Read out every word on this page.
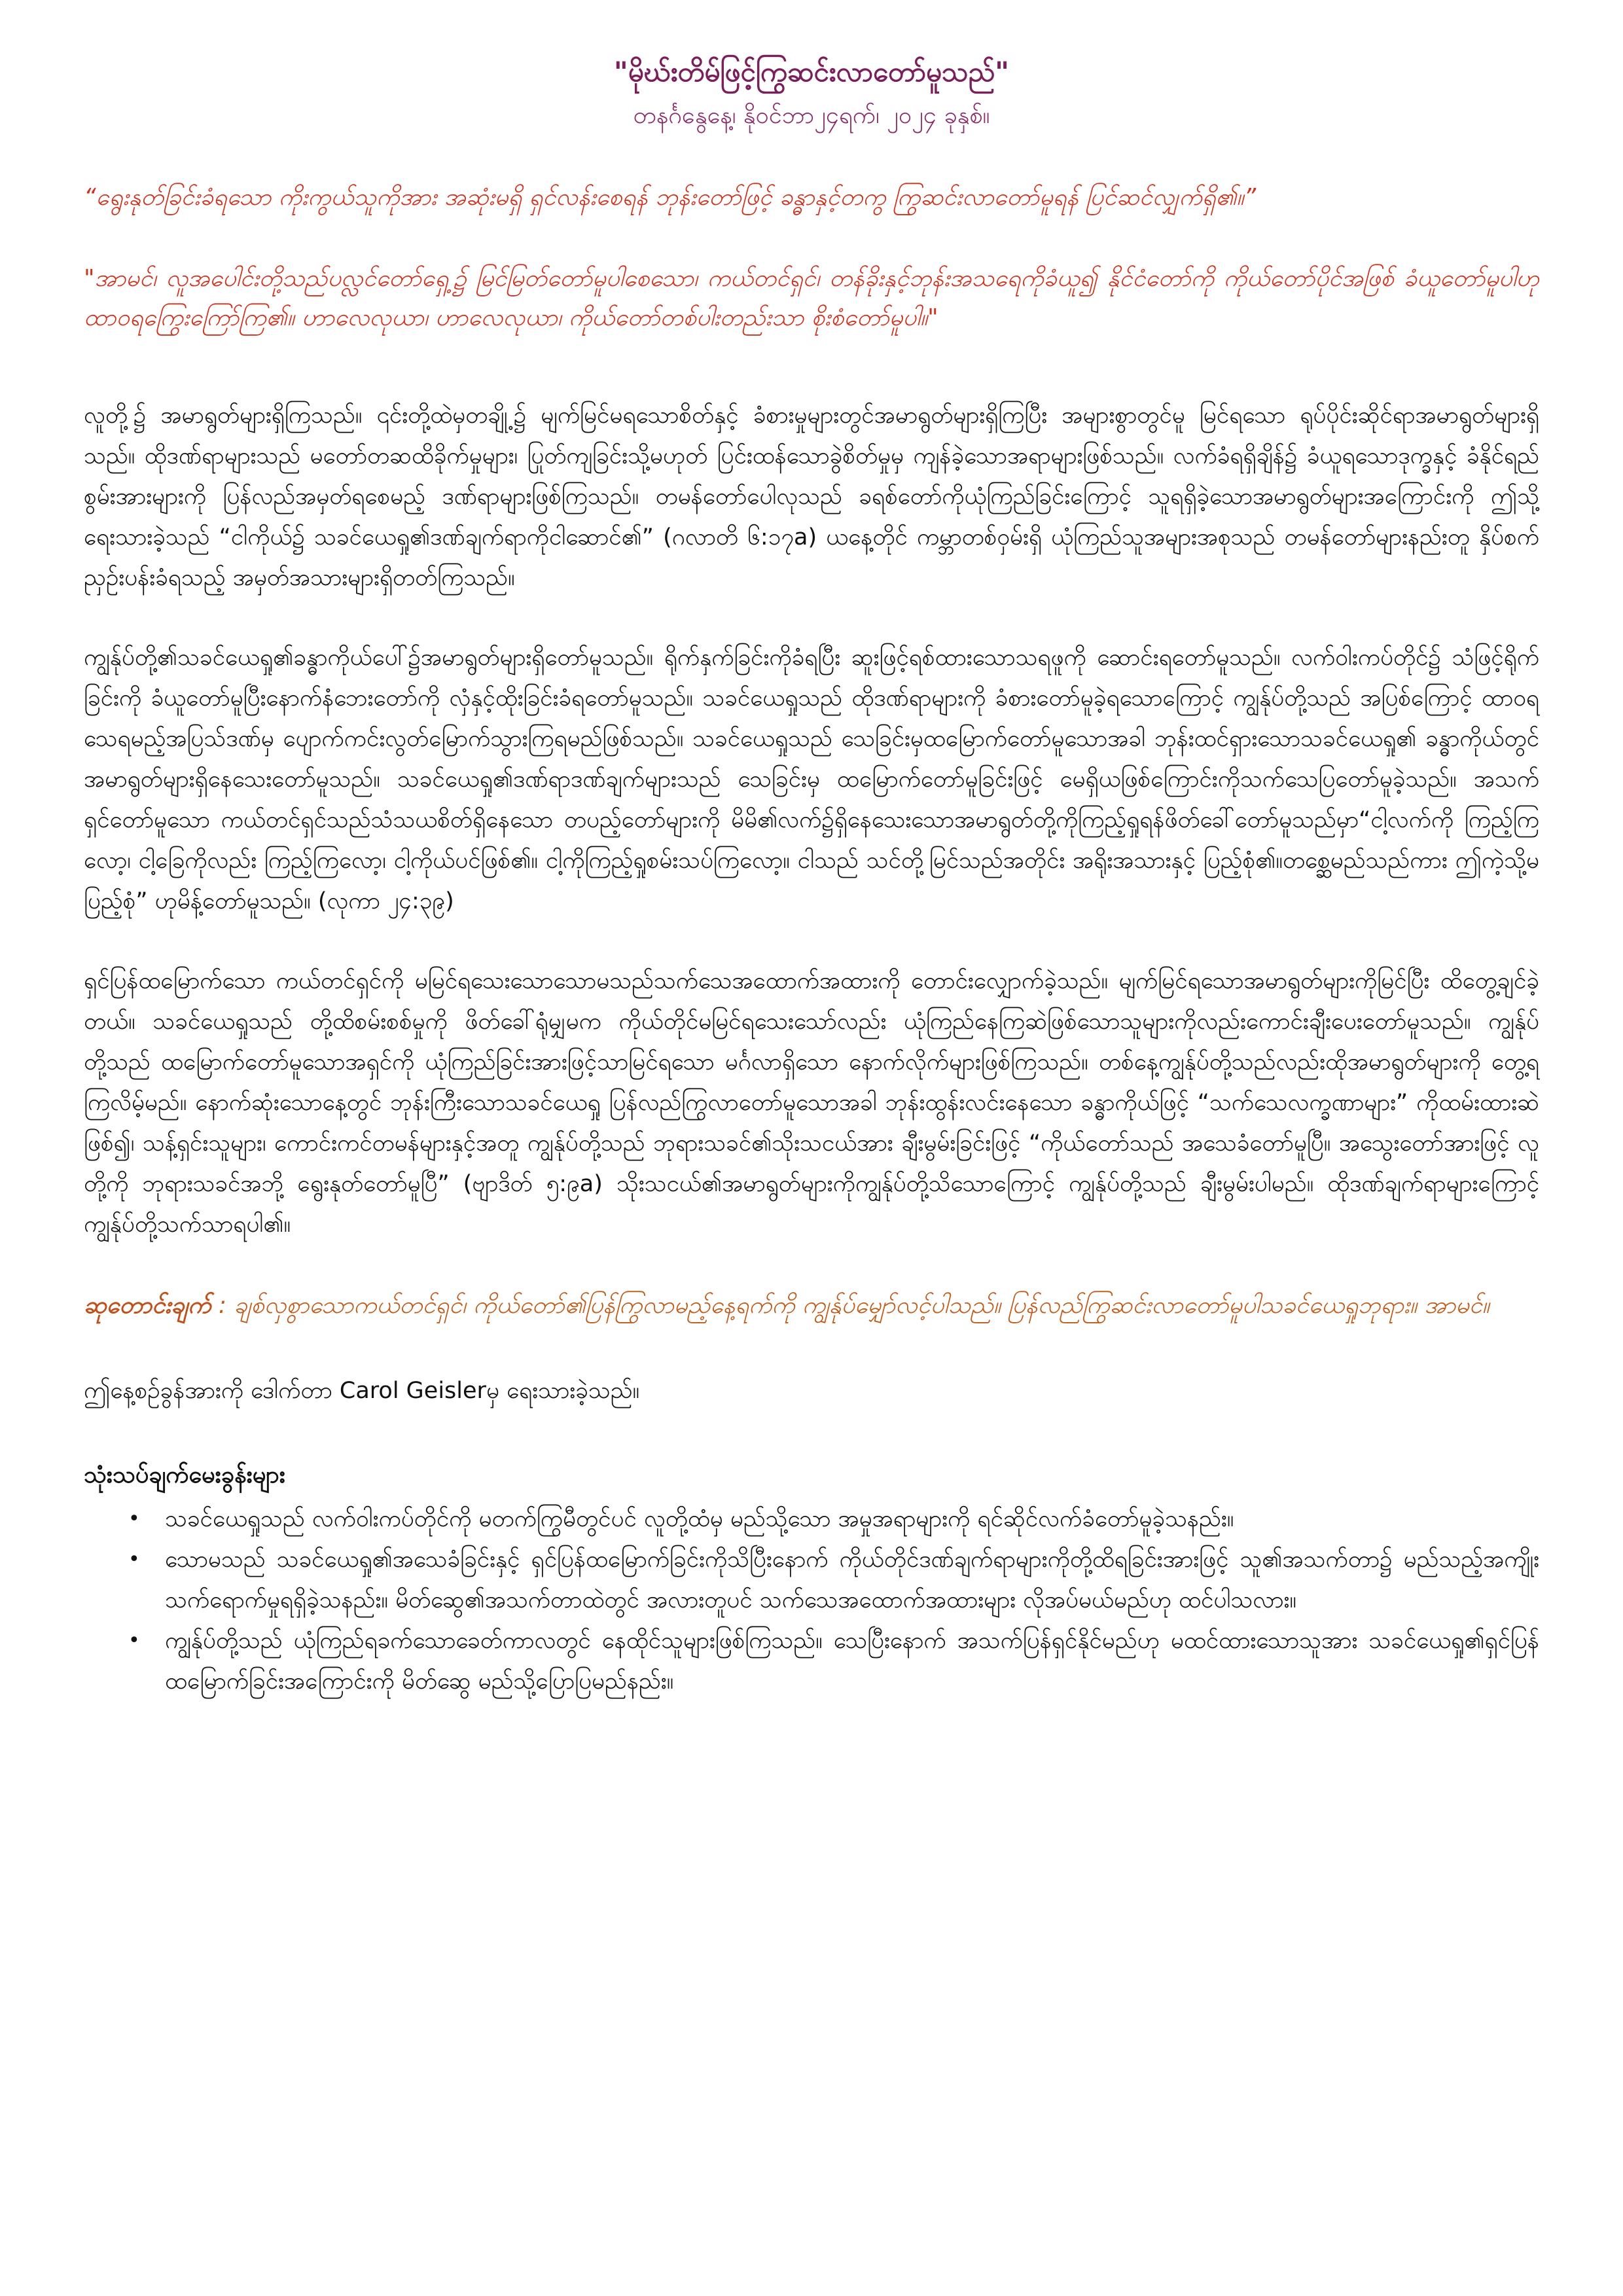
"မိုဃ်းတိမ်ဖြင့်ကြွဆင်းလာတော်မူသည်"
တနင်္ဂနွေနေ့၊ နိုဝင်ဘာ၂၄ရက်၊ ၂၀၂၄ ခုနှစ်။
“ရွေးနုတ်ခြင်းခံရသော ကိုးကွယ်သူကိုအား အဆုံးမရှိ ရှင်လန်းစေရန် ဘုန်းတော်ဖြင့် ခန္ဓာနှင့်တကွ ကြွဆင်းလာတော်မူရန် ပြင်ဆင်လျှက်ရှိ၏။”
"အာမင်၊ လူအပေါင်းတို့သည်ပလ္လင်တော်ရှေ့၌ မြင်မြတ်တော်မူပါစေသော၊ ကယ်တင်ရှင်၊ တန်ခိုးနှင့်ဘုန်းအသရေကိုခံယူ၍ နိုင်ငံတော်ကို ကိုယ်တော်ပိုင်အဖြစ် ခံယူတော်မူပါဟု ထာဝရကြွေးကြော်ကြ၏။ ဟာလေလုယာ၊ ဟာလေလုယာ၊ ကိုယ်တော်တစ်ပါးတည်းသာ စိုးစံတော်မူပါ။"
လူတို့၌ အမာရွတ်များရှိကြသည်။ ၎င်းတို့ထဲမှတချို့၌ မျက်မြင်မရသောစိတ်နှင့် ခံစားမှုများတွင်အမာရွတ်များရှိကြပြီး အများစွာတွင်မူ မြင်ရသော ရုပ်ပိုင်းဆိုင်ရာအမာရွတ်များရှိသည်။ ထိုဒဏ်ရာများသည် မတော်တဆထိခိုက်မှုများ၊ ပြုတ်ကျခြင်းသို့မဟုတ် ပြင်းထန်သောခွဲစိတ်မှုမှ ကျန်ခဲ့သောအရာများဖြစ်သည်။ လက်ခံရရှိချိန်၌ ခံယူရသောဒုက္ခနှင့် ခံနိုင်ရည်စွမ်းအားများကို ပြန်လည်အမှတ်ရစေမည့် ဒဏ်ရာများဖြစ်ကြသည်။ တမန်တော်ပေါလုသည် ခရစ်တော်ကိုယုံကြည်ခြင်းကြောင့် သူရရှိခဲ့သောအမာရွတ်များအကြောင်းကို ဤသို့ရေးသားခဲ့သည် “ငါကိုယ်၌ သခင်ယေရှု၏ဒဏ်ချက်ရာကိုငါဆောင်၏” (ဂလာတိ ၆:၁၇a) ယနေ့တိုင် ကမ္ဘာတစ်ဝှမ်းရှိ ယုံကြည်သူအများအစုသည် တမန်တော်များနည်းတူ နှိပ်စက်ညှဉ်းပန်းခံရသည့် အမှတ်အသားများရှိတတ်ကြသည်။
ကျွန်ုပ်တို့၏သခင်ယေရှု၏ခန္ဓာကိုယ်ပေါ်၌အမာရွတ်များရှိတော်မူသည်။ ရိုက်နှက်ခြင်းကိုခံရပြီး ဆူးဖြင့်ရစ်ထားသောသရဖူကို ဆောင်းရတော်မူသည်။ လက်ဝါးကပ်တိုင်၌ သံဖြင့်ရိုက်ခြင်းကို ခံယူတော်မူပြီးနောက်နံဘေးတော်ကို လှံနှင့်ထိုးခြင်းခံရတော်မူသည်။ သခင်ယေရှုသည် ထိုဒဏ်ရာများကို ခံစားတော်မူခဲ့ရသောကြောင့် ကျွန်ုပ်တို့သည် အပြစ်ကြောင့် ထာဝရသေရမည့်အပြသ်ဒဏ်မှ ပျောက်ကင်းလွတ်မြောက်သွားကြရမည်ဖြစ်သည်။ သခင်ယေရှုသည် သေခြင်းမှထမြောက်တော်မူသောအခါ ဘုန်းထင်ရှားသောသခင်ယေရှု၏ ခန္ဓာကိုယ်တွင် အမာရွတ်များရှိနေသေးတော်မူသည်။ သခင်ယေရှု၏ဒဏ်ရာဒဏ်ချက်များသည် သေခြင်းမှ ထမြောက်တော်မူခြင်းဖြင့် မေရှိယဖြစ်ကြောင်းကိုသက်သေပြတော်မူခဲ့သည်။ အသက်ရှင်တော်မူသော ကယ်တင်ရှင်သည်သံသယစိတ်ရှိနေသော တပည့်တော်များကို မိမိ၏လက်၌ရှိနေသေးသောအမာရွတ်တို့ကိုကြည့်ရှုရန်ဖိတ်ခေါ်တော်မူသည်မှာ“ငါ့လက်ကို ကြည့်ကြလော့၊ ငါ့ခြေကိုလည်း ကြည့်ကြလော့၊ ငါ့ကိုယ်ပင်ဖြစ်၏။ ငါ့ကိုကြည့်ရှုစမ်းသပ်ကြလော့။ ငါသည် သင်တို့မြင်သည်အတိုင်း အရိုးအသားနှင့် ပြည့်စုံ၏။တစ္ဆေမည်သည်ကား ဤကဲ့သို့မပြည့်စုံ” ဟုမိန့်တော်မူသည်။ (လုကာ ၂၄:၃၉)
ရှင်ပြန်ထမြောက်သော ကယ်တင်ရှင်ကို မမြင်ရသေးသောသောမသည်သက်သေအထောက်အထားကို တောင်းလျှောက်ခဲ့သည်။ မျက်မြင်ရသောအမာရွတ်များကိုမြင်ပြီး ထိတွေ့ချင်ခဲ့တယ်။ သခင်ယေရှုသည် တို့ထိစမ်းစစ်မှုကို ဖိတ်ခေါ်ရုံမျှမက ကိုယ်တိုင်မမြင်ရသေးသော်လည်း ယုံကြည်နေကြဆဲဖြစ်သောသူများကိုလည်းကောင်းချီးပေးတော်မူသည်။ ကျွန်ုပ်တို့သည် ထမြောက်တော်မူသောအရှင်ကို ယုံကြည်ခြင်းအားဖြင့်သာမြင်ရသော မင်္ဂလာရှိသော နောက်လိုက်များဖြစ်ကြသည်။ တစ်နေ့ကျွန်ုပ်တို့သည်လည်းထိုအမာရွတ်များကို တွေ့ရကြလိမ့်မည်။ နောက်ဆုံးသောနေ့တွင် ဘုန်းကြီးသောသခင်ယေရှု ပြန်လည်ကြွလာတော်မူသောအခါ ဘုန်းထွန်းလင်းနေသော ခန္ဓာကိုယ်ဖြင့် “သက်သေလက္ခဏာများ” ကိုထမ်းထားဆဲဖြစ်၍၊ သန့်ရှင်းသူများ၊ ကောင်းကင်တမန်များနှင့်အတူ ကျွန်ုပ်တို့သည် ဘုရားသခင်၏သိုးသငယ်အား ချီးမွမ်းခြင်းဖြင့် “ကိုယ်တော်သည် အသေခံတော်မူပြီ။ အသွေးတော်အားဖြင့် လူတို့ကို ဘုရားသခင်အဘို့ ရွေးနုတ်တော်မူပြီ” (ဗျာဒိတ် ၅:၉a) သိုးသငယ်၏အမာရွတ်များကိုကျွန်ုပ်တို့သိသောကြောင့် ကျွန်ုပ်တို့သည် ချီးမွမ်းပါမည်။ ထိုဒဏ်ချက်ရာများကြောင့် ကျွန်ုပ်တို့သက်သာရပါ၏။
ဆုတောင်းချက် : ချစ်လှစွာသောကယ်တင်ရှင်၊ ကိုယ်တော်၏ပြန်ကြွလာမည့်နေ့ရက်ကို ကျွန်ုပ်မျှော်လင့်ပါသည်။ ပြန်လည်ကြွဆင်းလာတော်မူပါသခင်ယေရှုဘုရား။ အာမင်။
ဤနေ့စဉ်ခွန်အားကို ဒေါက်တာ Carol Geislerမှ ရေးသားခဲ့သည်။
သုံးသပ်ချက်မေးခွန်းများ
• သခင်ယေရှုသည် လက်ဝါးကပ်တိုင်ကို မတက်ကြွမီတွင်ပင် လူတို့ထံမှ မည်သို့သော အမှုအရာများကို ရင်ဆိုင်လက်ခံတော်မူခဲ့သနည်း။
• သောမသည် သခင်ယေရှု၏အသေခံခြင်းနှင့် ရှင်ပြန်ထမြောက်ခြင်းကိုသိပြီးနောက် ကိုယ်တိုင်ဒဏ်ချက်ရာများကိုတို့ထိရခြင်းအားဖြင့် သူ၏အသက်တာ၌ မည်သည့်အကျိုးသက်ရောက်မှုရရှိခဲ့သနည်း။ မိတ်ဆွေ၏အသက်တာထဲတွင် အလားတူပင် သက်သေအထောက်အထားများ လိုအပ်မယ်မည်ဟု ထင်ပါသလား။
• ကျွန်ုပ်တို့သည် ယုံကြည်ရခက်သောခေတ်ကာလတွင် နေထိုင်သူများဖြစ်ကြသည်။ သေပြီးနောက် အသက်ပြန်ရှင်နိုင်မည်ဟု မထင်ထားသောသူအား သခင်ယေရှု၏ရှင်ပြန်ထမြောက်ခြင်းအကြောင်းကို မိတ်ဆွေ မည်သို့ပြောပြမည်နည်း။
